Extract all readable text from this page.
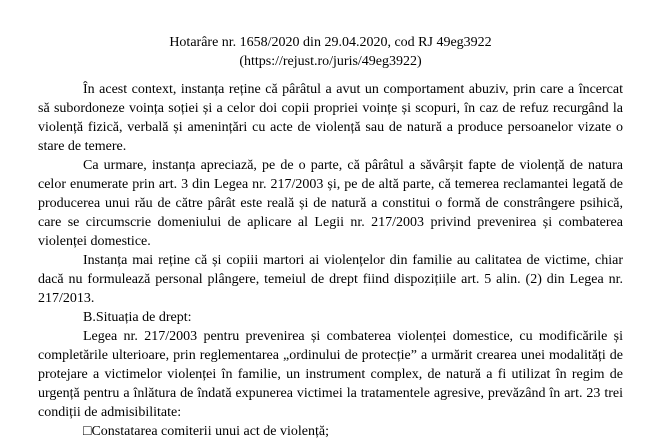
Hotarâre nr. 1658/2020 din 29.04.2020, cod RJ 49eg3922
(https://rejust.ro/juris/49eg3922)

În acest context, instanța reține că pârâtul a avut un comportament abuziv, prin care a încercat să subordoneze voința soției și a celor doi copii propriei voințe și scopuri, în caz de refuz recurgând la violență fizică, verbală și amenințări cu acte de violență sau de natură a produce persoanelor vizate o stare de temere.

Ca urmare, instanța apreciază, pe de o parte, că pârâtul a săvârșit fapte de violență de natura celor enumerate prin art. 3 din Legea nr. 217/2003 și, pe de altă parte, că temerea reclamantei legată de producerea unui rău de către pârât este reală și de natură a constitui o formă de constrângere psihică, care se circumscrie domeniului de aplicare al Legii nr. 217/2003 privind prevenirea și combaterea violenței domestice.

Instanța mai reține că și copiii martori ai violențelor din familie au calitatea de victime, chiar dacă nu formulează personal plângere, temeiul de drept fiind dispozițiile art. 5 alin. (2) din Legea nr. 217/2013.

B.Situația de drept:

Legea nr. 217/2003 pentru prevenirea și combaterea violenței domestice, cu modificările și completările ulterioare, prin reglementarea „ordinului de protecție” a urmărit crearea unei modalități de protejare a victimelor violenței în familie, un instrument complex, de natură a fi utilizat în regim de urgență pentru a înlătura de îndată expunerea victimei la tratamentele agresive, prevăzând în art. 23 trei condiții de admisibilitate:

□Constatarea comiterii unui act de violență;
